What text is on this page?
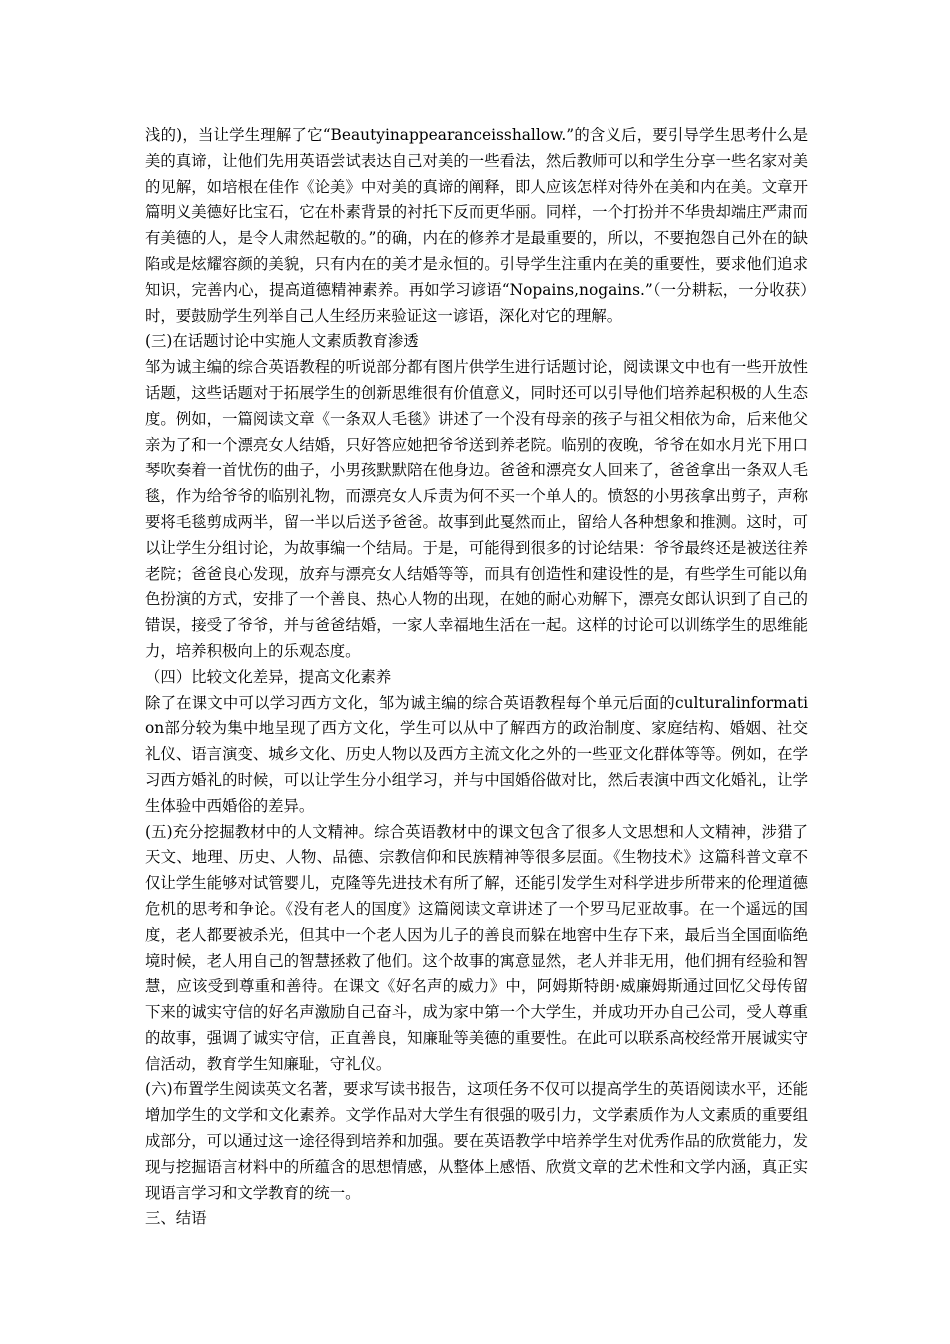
浅的)，当让学生理解了它“Beautyinappearanceisshallow.”的含义后，要引导学生思考什么是美的真谛，让他们先用英语尝试表达自己对美的一些看法，然后教师可以和学生分享一些名家对美的见解，如培根在佳作《论美》中对美的真谛的阐释，即人应该怎样对待外在美和内在美。文章开篇明义美德好比宝石，它在朴素背景的衬托下反而更华丽。同样，一个打扮并不华贵却端庄严肃而有美德的人，是令人肃然起敬的。”的确，内在的修养才是最重要的，所以，不要抱怨自己外在的缺陷或是炫耀容颜的美貌，只有内在的美才是永恒的。引导学生注重内在美的重要性，要求他们追求知识，完善内心，提高道德精神素养。再如学习谚语“Nopains,nogains.”（一分耕耘，一分收获）时，要鼓励学生列举自己人生经历来验证这一谚语，深化对它的理解。

(三)在话题讨论中实施人文素质教育渗透

邹为诚主编的综合英语教程的听说部分都有图片供学生进行话题讨论，阅读课文中也有一些开放性话题，这些话题对于拓展学生的创新思维很有价值意义，同时还可以引导他们培养起积极的人生态度。例如，一篇阅读文章《一条双人毛毯》讲述了一个没有母亲的孩子与祖父相依为命，后来他父亲为了和一个漂亮女人结婚，只好答应她把爷爷送到养老院。临别的夜晚，爷爷在如水月光下用口琴吹奏着一首忧伤的曲子，小男孩默默陪在他身边。爸爸和漂亮女人回来了，爸爸拿出一条双人毛毯，作为给爷爷的临别礼物，而漂亮女人斥责为何不买一个单人的。愤怒的小男孩拿出剪子，声称要将毛毯剪成两半，留一半以后送予爸爸。故事到此戛然而止，留给人各种想象和推测。这时，可以让学生分组讨论，为故事编一个结局。于是，可能得到很多的讨论结果：爷爷最终还是被送往养老院；爸爸良心发现，放弃与漂亮女人结婚等等，而具有创造性和建设性的是，有些学生可能以角色扮演的方式，安排了一个善良、热心人物的出现，在她的耐心劝解下，漂亮女郎认识到了自己的错误，接受了爷爷，并与爸爸结婚，一家人幸福地生活在一起。这样的讨论可以训练学生的思维能力，培养积极向上的乐观态度。

（四）比较文化差异，提高文化素养

除了在课文中可以学习西方文化，邹为诚主编的综合英语教程每个单元后面的culturalinformation部分较为集中地呈现了西方文化，学生可以从中了解西方的政治制度、家庭结构、婚姻、社交礼仪、语言演变、城乡文化、历史人物以及西方主流文化之外的一些亚文化群体等等。例如，在学习西方婚礼的时候，可以让学生分小组学习，并与中国婚俗做对比，然后表演中西文化婚礼，让学生体验中西婚俗的差异。

(五)充分挖掘教材中的人文精神。综合英语教材中的课文包含了很多人文思想和人文精神，涉猎了天文、地理、历史、人物、品德、宗教信仰和民族精神等很多层面。《生物技术》这篇科普文章不仅让学生能够对试管婴儿，克隆等先进技术有所了解，还能引发学生对科学进步所带来的伦理道德危机的思考和争论。《没有老人的国度》这篇阅读文章讲述了一个罗马尼亚故事。在一个遥远的国度，老人都要被杀光，但其中一个老人因为儿子的善良而躲在地窖中生存下来，最后当全国面临绝境时候，老人用自己的智慧拯救了他们。这个故事的寓意显然，老人并非无用，他们拥有经验和智慧，应该受到尊重和善待。在课文《好名声的威力》中，阿姆斯特朗·威廉姆斯通过回忆父母传留下来的诚实守信的好名声激励自己奋斗，成为家中第一个大学生，并成功开办自己公司，受人尊重的故事，强调了诚实守信，正直善良，知廉耻等美德的重要性。在此可以联系高校经常开展诚实守信活动，教育学生知廉耻，守礼仪。

(六)布置学生阅读英文名著，要求写读书报告，这项任务不仅可以提高学生的英语阅读水平，还能增加学生的文学和文化素养。文学作品对大学生有很强的吸引力，文学素质作为人文素质的重要组成部分，可以通过这一途径得到培养和加强。要在英语教学中培养学生对优秀作品的欣赏能力，发现与挖掘语言材料中的所蕴含的思想情感，从整体上感悟、欣赏文章的艺术性和文学内涵，真正实现语言学习和文学教育的统一。

三、结语
